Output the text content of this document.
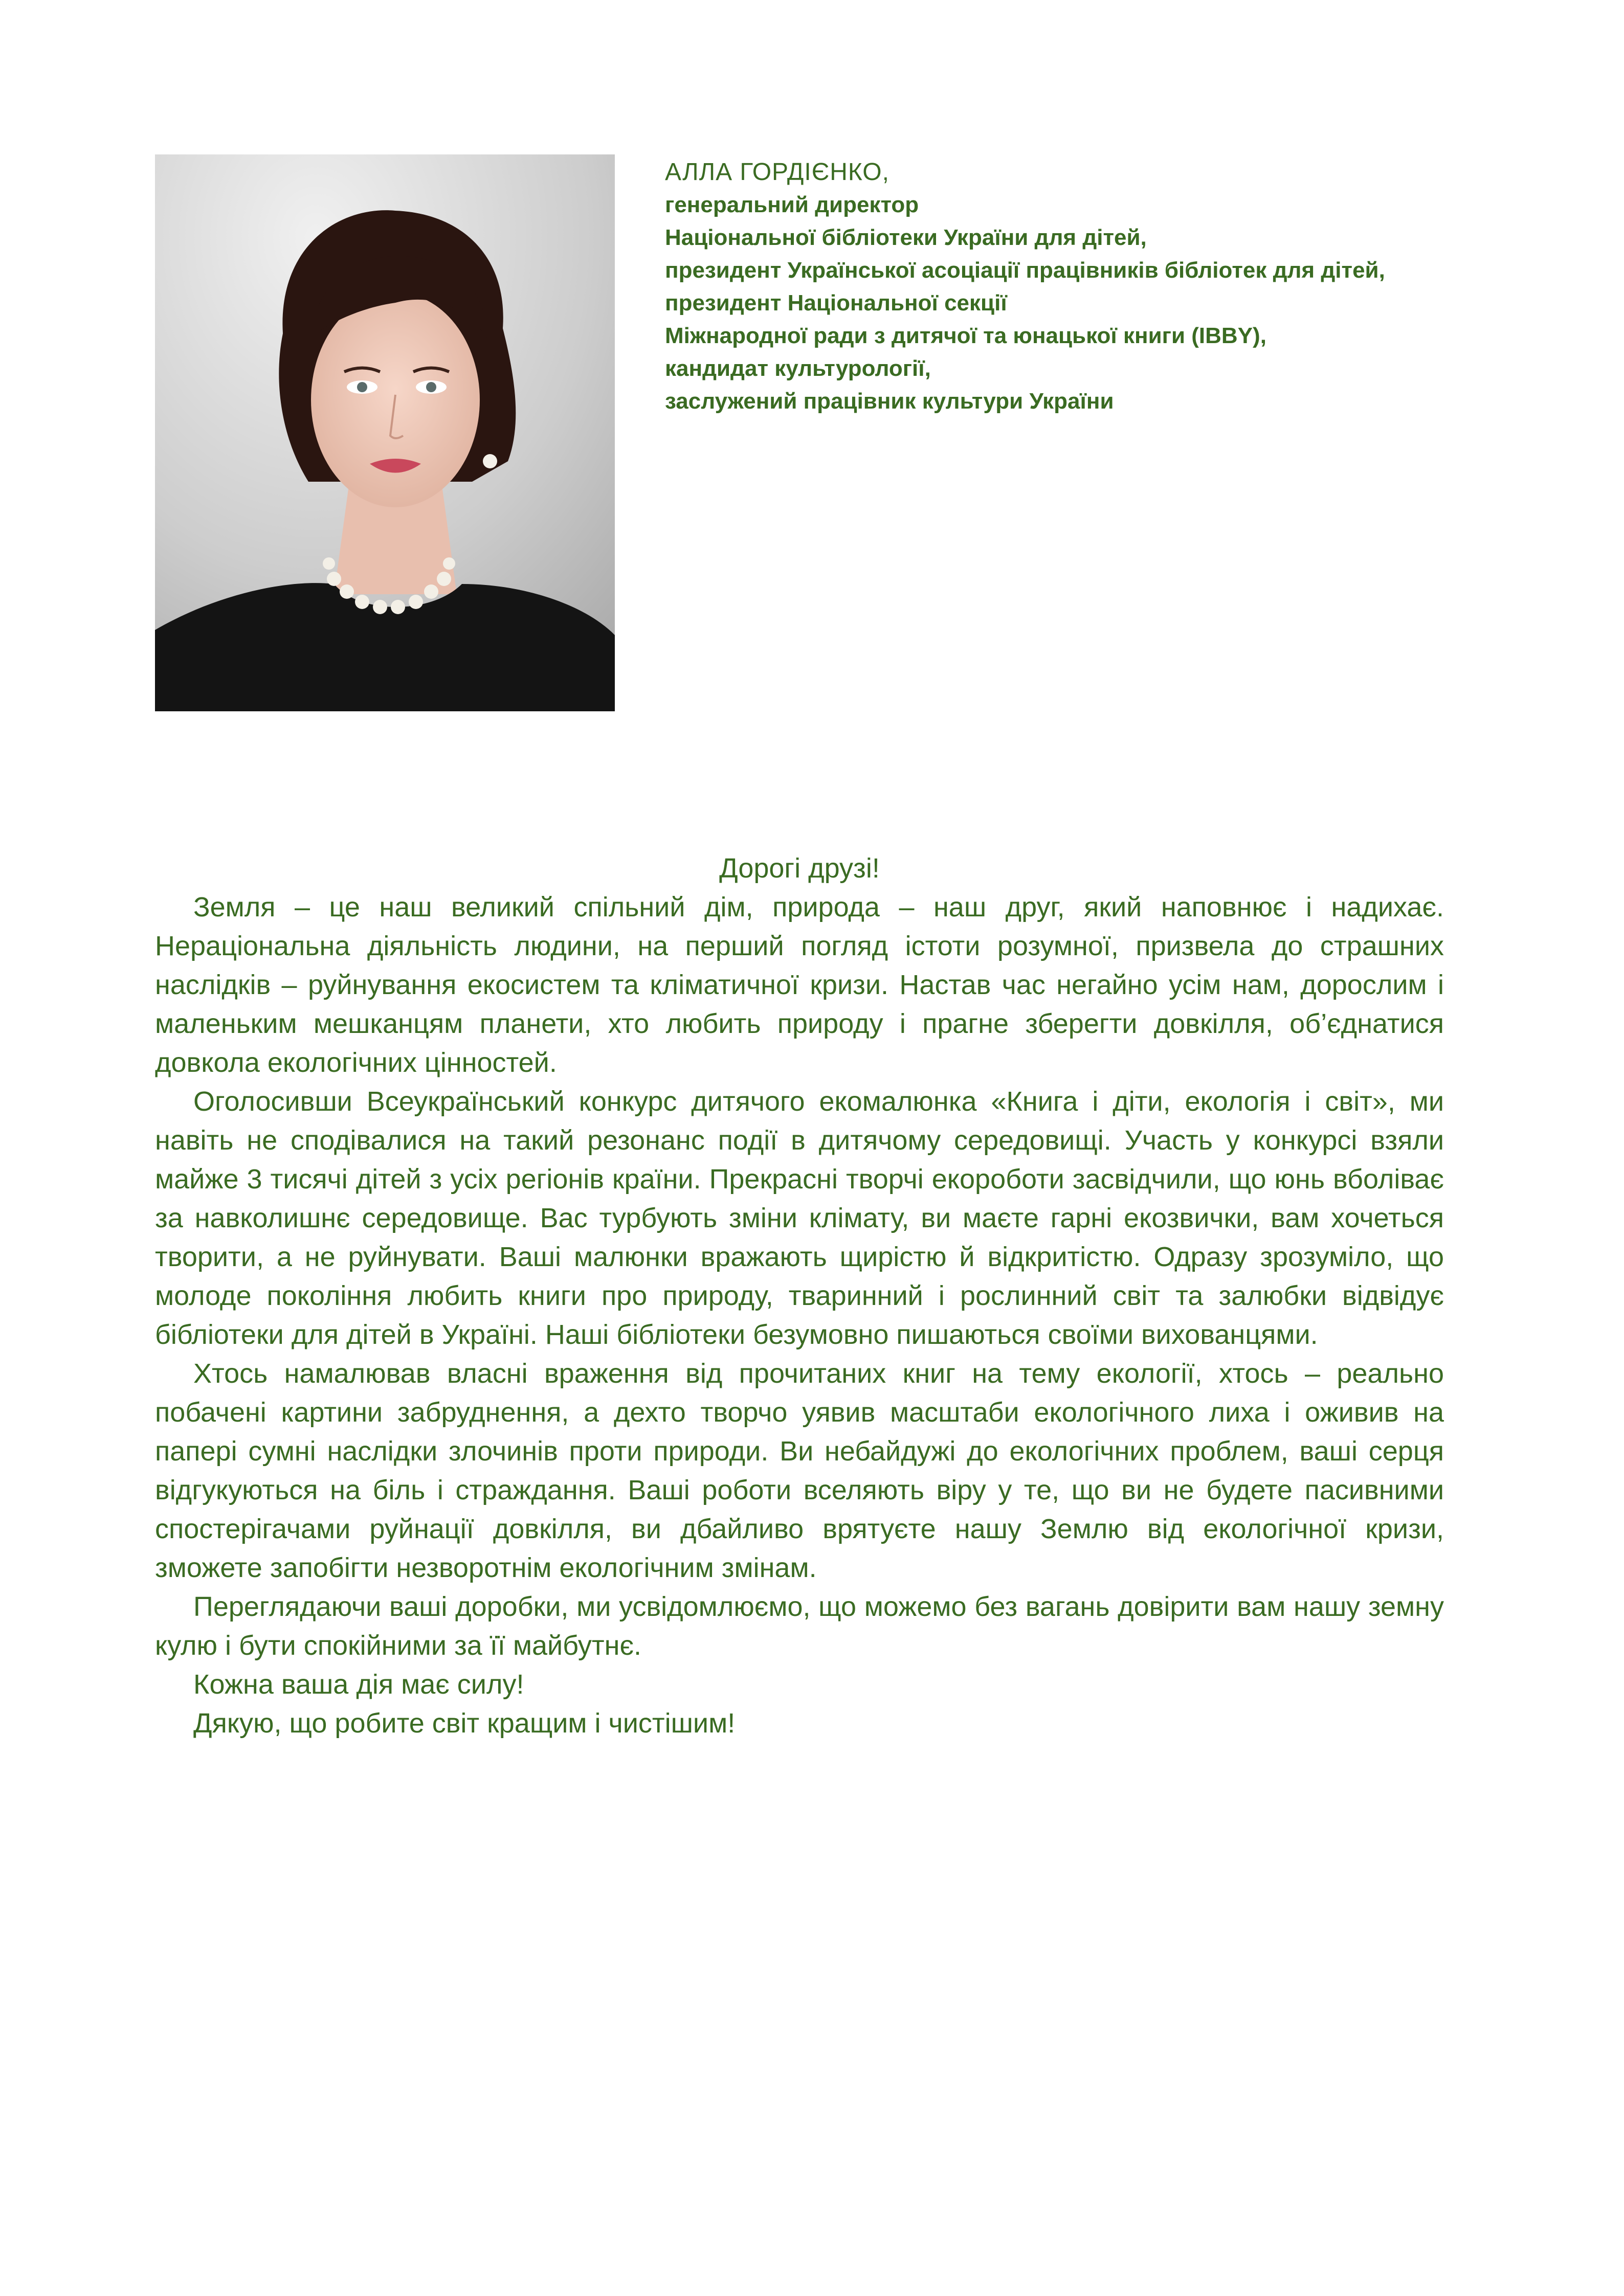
АЛЛА ГОРДІЄНКО,
генеральний директор
Національної бібліотеки України для дітей,
президент Української асоціації працівників бібліотек для дітей,
президент Національної секції
Міжнародної ради з дитячої та юнацької книги (IBBY),
кандидат культурології,
заслужений працівник культури України
Дорогі друзі!

Земля – це наш великий спільний дім, природа – наш друг, який наповнює і надихає. Нераціональна діяльність людини, на перший погляд істоти розумної, призвела до страшних наслідків – руйнування екосистем та кліматичної кризи. Настав час негайно усім нам, дорослим і маленьким мешканцям планети, хто любить природу і прагне зберегти довкілля, об’єднатися довкола екологічних цінностей.

Оголосивши Всеукраїнський конкурс дитячого екомалюнка «Книга і діти, екологія і світ», ми навіть не сподівалися на такий резонанс події в дитячому середовищі. Участь у конкурсі взяли майже 3 тисячі дітей з усіх регіонів країни. Прекрасні творчі екороботи засвідчили, що юнь вболіває за навколишнє середовище. Вас турбують зміни клімату, ви маєте гарні екозвички, вам хочеться творити, а не руйнувати. Ваші малюнки вражають щирістю й відкритістю. Одразу зрозуміло, що молоде покоління любить книги про природу, тваринний і рослинний світ та залюбки відвідує бібліотеки для дітей в Україні. Наші бібліотеки безумовно пишаються своїми вихованцями.

Хтось намалював власні враження від прочитаних книг на тему екології, хтось – реально побачені картини забруднення, а дехто творчо уявив масштаби екологічного лиха і оживив на папері сумні наслідки злочинів проти природи. Ви небайдужі до екологічних проблем, ваші серця відгукуються на біль і страждання. Ваші роботи вселяють віру у те, що ви не будете пасивними спостерігачами руйнації довкілля, ви дбайливо врятуєте нашу Землю від екологічної кризи, зможете запобігти незворотнім екологічним змінам.

Переглядаючи ваші доробки, ми усвідомлюємо, що можемо без вагань довірити вам нашу земну кулю і бути спокійними за її майбутнє.

Кожна ваша дія має силу!

Дякую, що робите світ кращим і чистішим!
